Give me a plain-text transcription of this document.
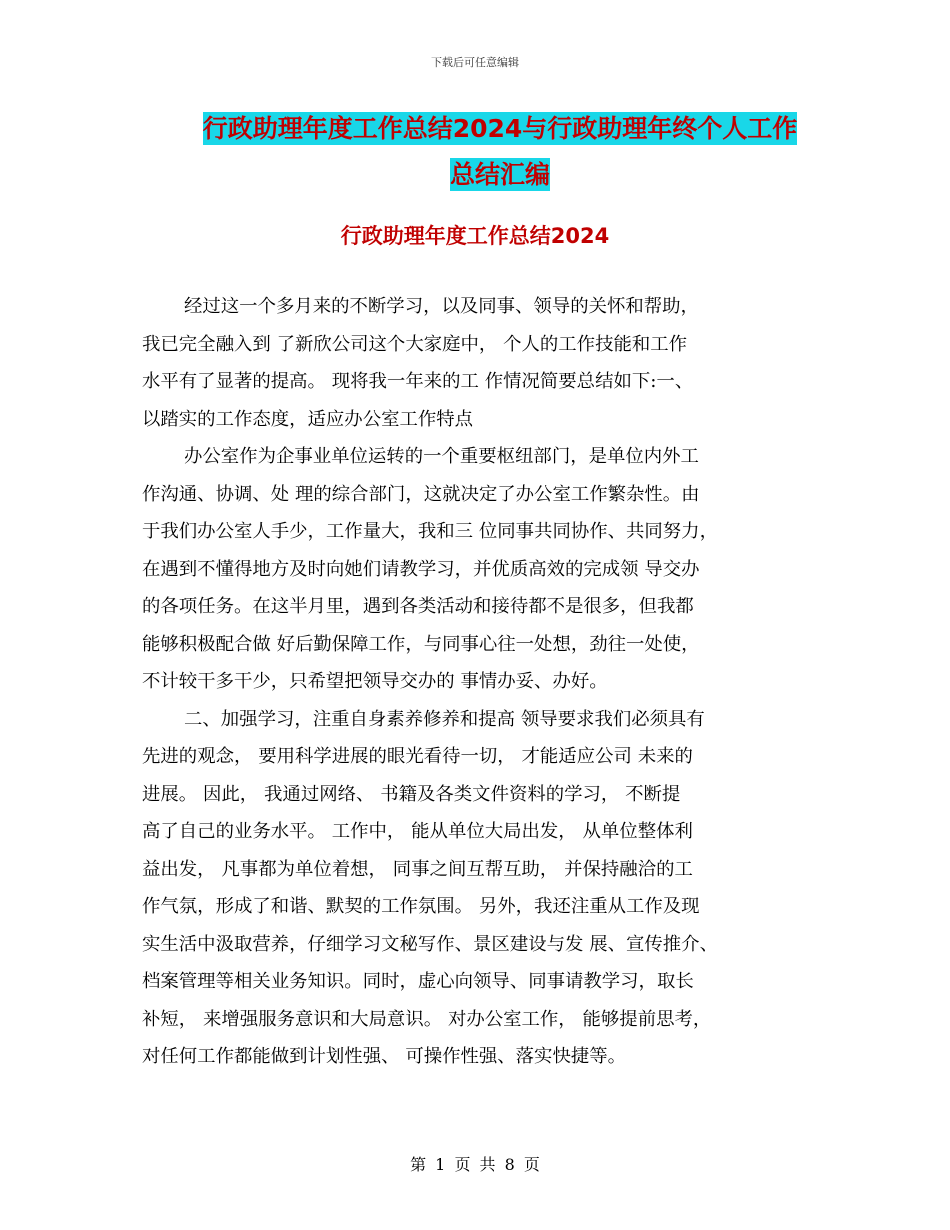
下载后可任意编辑
行政助理年度工作总结2024与行政助理年终个人工作
总结汇编
行政助理年度工作总结2024
经过这一个多月来的不断学习，以及同事、领导的关怀和帮助，
我已完全融入到 了新欣公司这个大家庭中， 个人的工作技能和工作
水平有了显著的提高。 现将我一年来的工 作情况简要总结如下:一、
以踏实的工作态度，适应办公室工作特点
办公室作为企事业单位运转的一个重要枢纽部门，是单位内外工
作沟通、协调、处 理的综合部门，这就决定了办公室工作繁杂性。由
于我们办公室人手少，工作量大，我和三 位同事共同协作、共同努力，
在遇到不懂得地方及时向她们请教学习，并优质高效的完成领 导交办
的各项任务。在这半月里，遇到各类活动和接待都不是很多，但我都
能够积极配合做 好后勤保障工作，与同事心往一处想，劲往一处使，
不计较干多干少，只希望把领导交办的 事情办妥、办好。
二、加强学习，注重自身素养修养和提高 领导要求我们必须具有
先进的观念， 要用科学进展的眼光看待一切， 才能适应公司 未来的
进展。 因此， 我通过网络、 书籍及各类文件资料的学习， 不断提
高了自己的业务水平。 工作中， 能从单位大局出发， 从单位整体利
益出发， 凡事都为单位着想， 同事之间互帮互助， 并保持融洽的工
作气氛，形成了和谐、默契的工作氛围。 另外，我还注重从工作及现
实生活中汲取营养，仔细学习文秘写作、景区建设与发 展、宣传推介、
档案管理等相关业务知识。同时，虚心向领导、同事请教学习，取长
补短， 来增强服务意识和大局意识。 对办公室工作， 能够提前思考，
对任何工作都能做到计划性强、 可操作性强、落实快捷等。
第 1 页 共 8 页
